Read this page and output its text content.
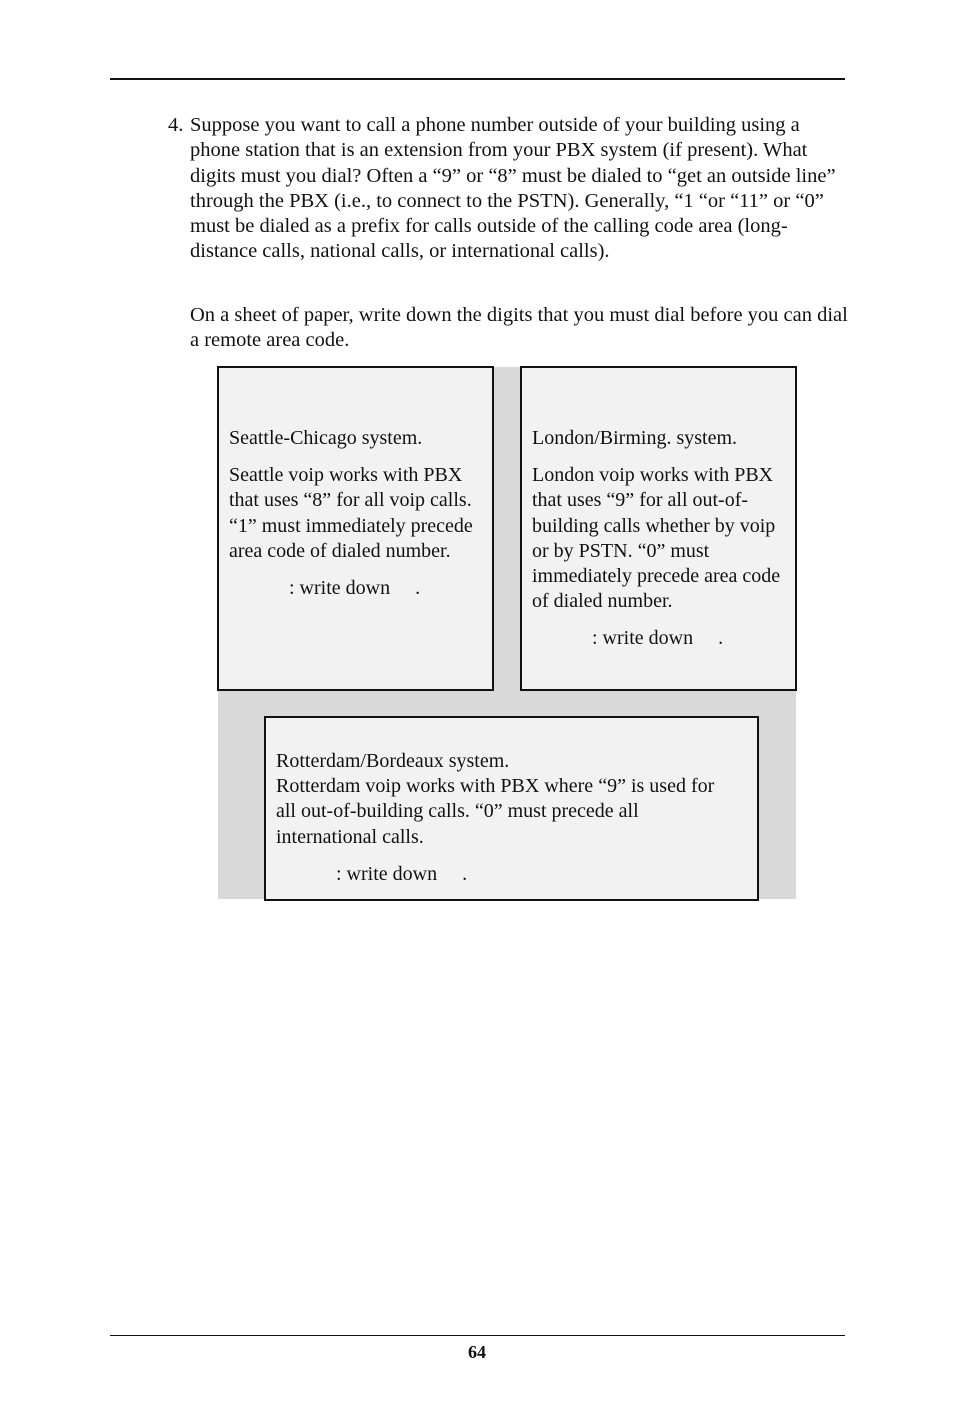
4. Suppose you want to call a phone number outside of your building using a phone station that is an extension from your PBX system (if present). What digits must you dial? Often a “9” or “8” must be dialed to “get an outside line” through the PBX (i.e., to connect to the PSTN). Generally, “1 “or “11” or “0” must be dialed as a prefix for calls outside of the calling code area (long-distance calls, national calls, or international calls).
On a sheet of paper, write down the digits that you must dial before you can dial a remote area code.

Seattle-Chicago system.

Seattle voip works with PBX that uses “8” for all voip calls. “1” must immediately precede area code of dialed number.

: write down     .

London/Birming. system.

London voip works with PBX that uses “9” for all out-of-building calls whether by voip or by PSTN. “0” must immediately precede area code of dialed number.

: write down     .

Rotterdam/Bordeaux system.

Rotterdam voip works with PBX where “9” is used for all out-of-building calls. “0” must precede all international calls.

: write down     .

64
